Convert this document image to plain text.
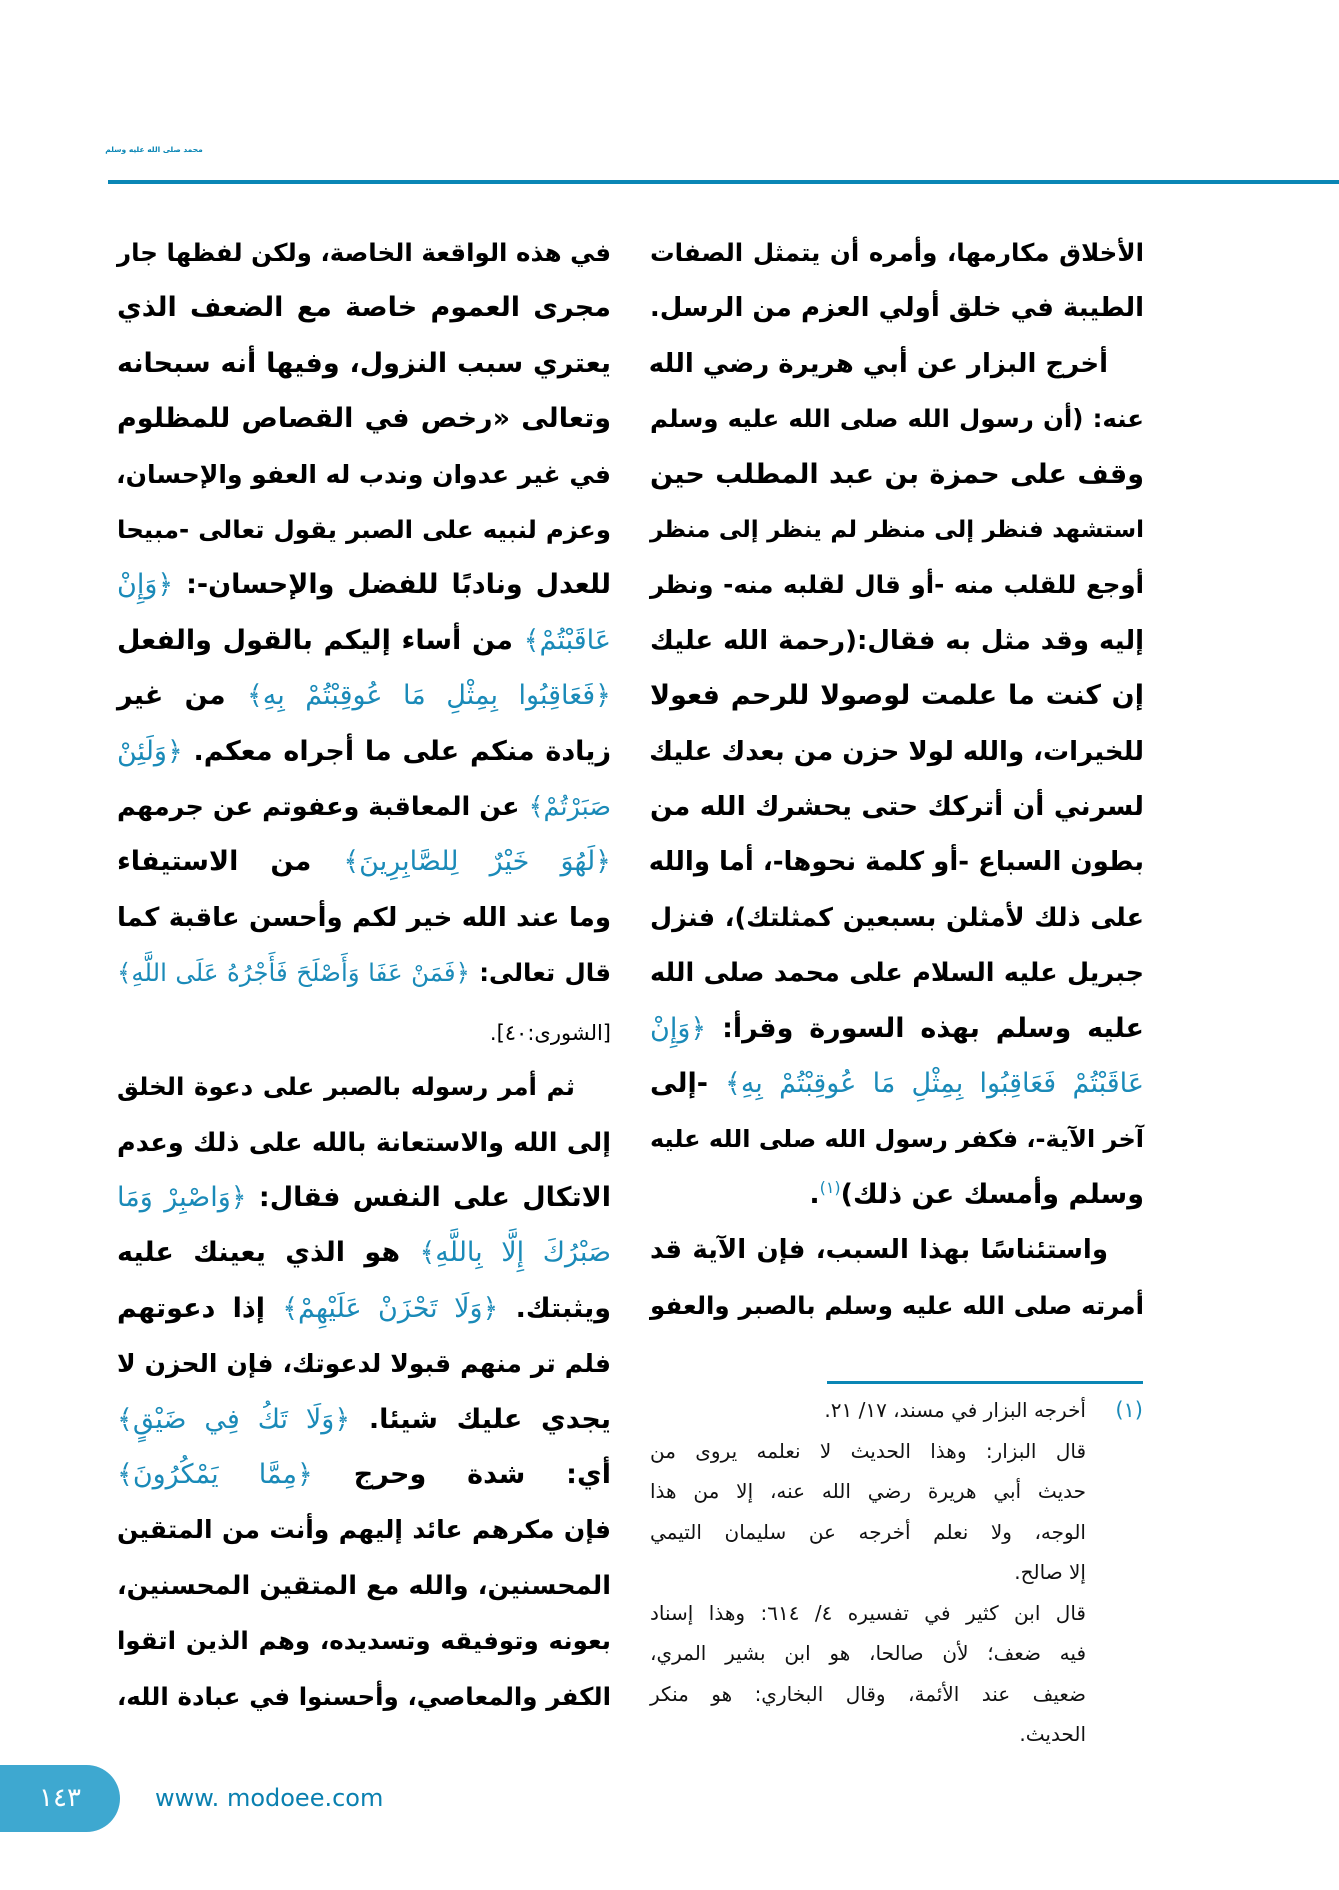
محمد صلى الله عليه وسلم
الأخلاق مكارمها، وأمره أن يتمثل الصفات
الطيبة في خلق أولي العزم من الرسل.
أخرج البزار عن أبي هريرة رضي الله
عنه: (أن رسول الله صلى الله عليه وسلم
وقف على حمزة بن عبد المطلب حين
استشهد فنظر إلى منظر لم ينظر إلى منظر
أوجع للقلب منه -أو قال لقلبه منه- ونظر
إليه وقد مثل به فقال:(رحمة الله عليك
إن كنت ما علمت لوصولا للرحم فعولا
للخيرات، والله لولا حزن من بعدك عليك
لسرني أن أتركك حتى يحشرك الله من
بطون السباع -أو كلمة نحوها-، أما والله
على ذلك لأمثلن بسبعين كمثلتك)، فنزل
جبريل عليه السلام على محمد صلى الله
عليه وسلم بهذه السورة وقرأ: ﴿وَإِنْ
عَاقَبْتُمْ فَعَاقِبُوا بِمِثْلِ مَا عُوقِبْتُمْ بِهِ﴾ -إلى
آخر الآية-، فكفر رسول الله صلى الله عليه
وسلم وأمسك عن ذلك)$^{(١)}$.
واستئناسًا بهذا السبب، فإن الآية قد
أمرته صلى الله عليه وسلم بالصبر والعفو
في هذه الواقعة الخاصة، ولكن لفظها جار
مجرى العموم خاصة مع الضعف الذي
يعتري سبب النزول، وفيها أنه سبحانه
وتعالى «رخص في القصاص للمظلوم
في غير عدوان وندب له العفو والإحسان،
وعزم لنبيه على الصبر يقول تعالى -مبيحا
للعدل ونادبًا للفضل والإحسان-: ﴿وَإِنْ
عَاقَبْتُمْ﴾ من أساء إليكم بالقول والفعل
﴿فَعَاقِبُوا بِمِثْلِ مَا عُوقِبْتُمْ بِهِ﴾ من غير
زيادة منكم على ما أجراه معكم. ﴿وَلَئِنْ
صَبَرْتُمْ﴾ عن المعاقبة وعفوتم عن جرمهم
﴿لَهُوَ خَيْرٌ لِلصَّابِرِينَ﴾ من الاستيفاء
وما عند الله خير لكم وأحسن عاقبة كما
قال تعالى: ﴿فَمَنْ عَفَا وَأَصْلَحَ فَأَجْرُهُ عَلَى اللَّهِ﴾
[الشورى:٤٠].
ثم أمر رسوله بالصبر على دعوة الخلق
إلى الله والاستعانة بالله على ذلك وعدم
الاتكال على النفس فقال: ﴿وَاصْبِرْ وَمَا
صَبْرُكَ إِلَّا بِاللَّهِ﴾ هو الذي يعينك عليه
ويثبتك. ﴿وَلَا تَحْزَنْ عَلَيْهِمْ﴾ إذا دعوتهم
فلم تر منهم قبولا لدعوتك، فإن الحزن لا
يجدي عليك شيئا. ﴿وَلَا تَكُ فِي ضَيْقٍ﴾
أي: شدة وحرج ﴿مِمَّا يَمْكُرُونَ﴾
فإن مكرهم عائد إليهم وأنت من المتقين
المحسنين، والله مع المتقين المحسنين،
بعونه وتوفيقه وتسديده، وهم الذين اتقوا
الكفر والمعاصي، وأحسنوا في عبادة الله،
(١)
أخرجه البزار في مسند، ١٧/ ٢١.
قال البزار: وهذا الحديث لا نعلمه يروى من
حديث أبي هريرة رضي الله عنه، إلا من هذا
الوجه، ولا نعلم أخرجه عن سليمان التيمي
إلا صالح.
قال ابن كثير في تفسيره ٤/ ٦١٤: وهذا إسناد
فيه ضعف؛ لأن صالحا، هو ابن بشير المري،
ضعيف عند الأئمة، وقال البخاري: هو منكر
الحديث.
١٤٣	www. modoee.com
